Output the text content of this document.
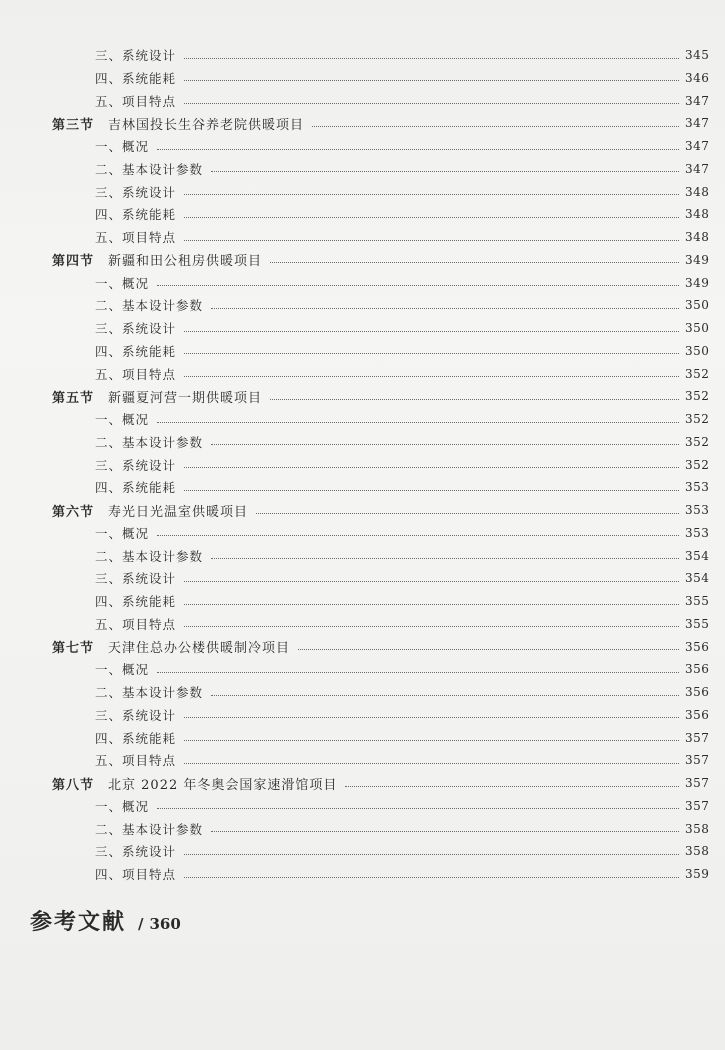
三、系统设计	345
四、系统能耗	346
五、项目特点	347
第三节 吉林国投长生谷养老院供暖项目	347
一、概况	347
二、基本设计参数	347
三、系统设计	348
四、系统能耗	348
五、项目特点	348
第四节 新疆和田公租房供暖项目	349
一、概况	349
二、基本设计参数	350
三、系统设计	350
四、系统能耗	350
五、项目特点	352
第五节 新疆夏河营一期供暖项目	352
一、概况	352
二、基本设计参数	352
三、系统设计	352
四、系统能耗	353
第六节 寿光日光温室供暖项目	353
一、概况	353
二、基本设计参数	354
三、系统设计	354
四、系统能耗	355
五、项目特点	355
第七节 天津住总办公楼供暖制冷项目	356
一、概况	356
二、基本设计参数	356
三、系统设计	356
四、系统能耗	357
五、项目特点	357
第八节 北京 2022 年冬奥会国家速滑馆项目	357
一、概况	357
二、基本设计参数	358
三、系统设计	358
四、项目特点	359
参考文献 / 360
